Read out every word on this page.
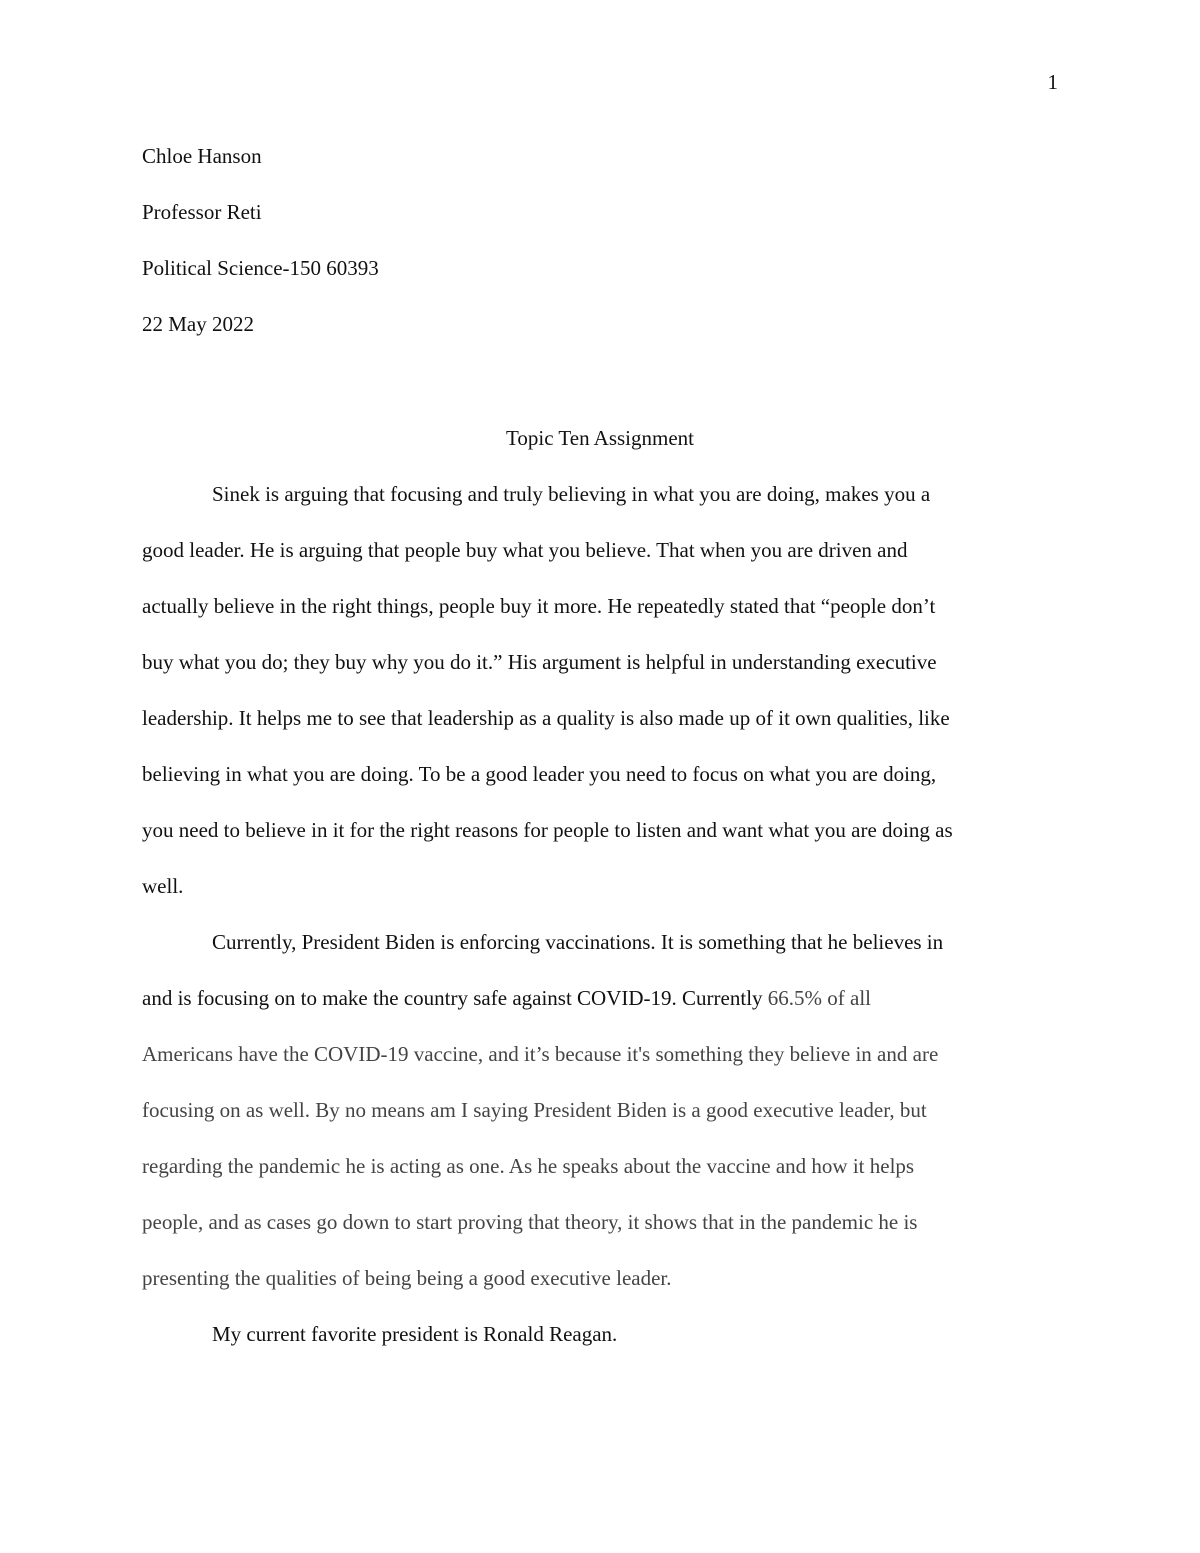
1
Chloe Hanson
Professor Reti
Political Science-150 60393
22 May 2022
Topic Ten Assignment
Sinek is arguing that focusing and truly believing in what you are doing, makes you a
good leader. He is arguing that people buy what you believe. That when you are driven and
actually believe in the right things, people buy it more. He repeatedly stated that “people don’t
buy what you do; they buy why you do it.” His argument is helpful in understanding executive
leadership. It helps me to see that leadership as a quality is also made up of it own qualities, like
believing in what you are doing. To be a good leader you need to focus on what you are doing,
you need to believe in it for the right reasons for people to listen and want what you are doing as
well.
Currently, President Biden is enforcing vaccinations. It is something that he believes in
and is focusing on to make the country safe against COVID-19. Currently 66.5% of all
Americans have the COVID-19 vaccine, and it’s because it's something they believe in and are
focusing on as well. By no means am I saying President Biden is a good executive leader, but
regarding the pandemic he is acting as one. As he speaks about the vaccine and how it helps
people, and as cases go down to start proving that theory, it shows that in the pandemic he is
presenting the qualities of being being a good executive leader.
My current favorite president is Ronald Reagan.
